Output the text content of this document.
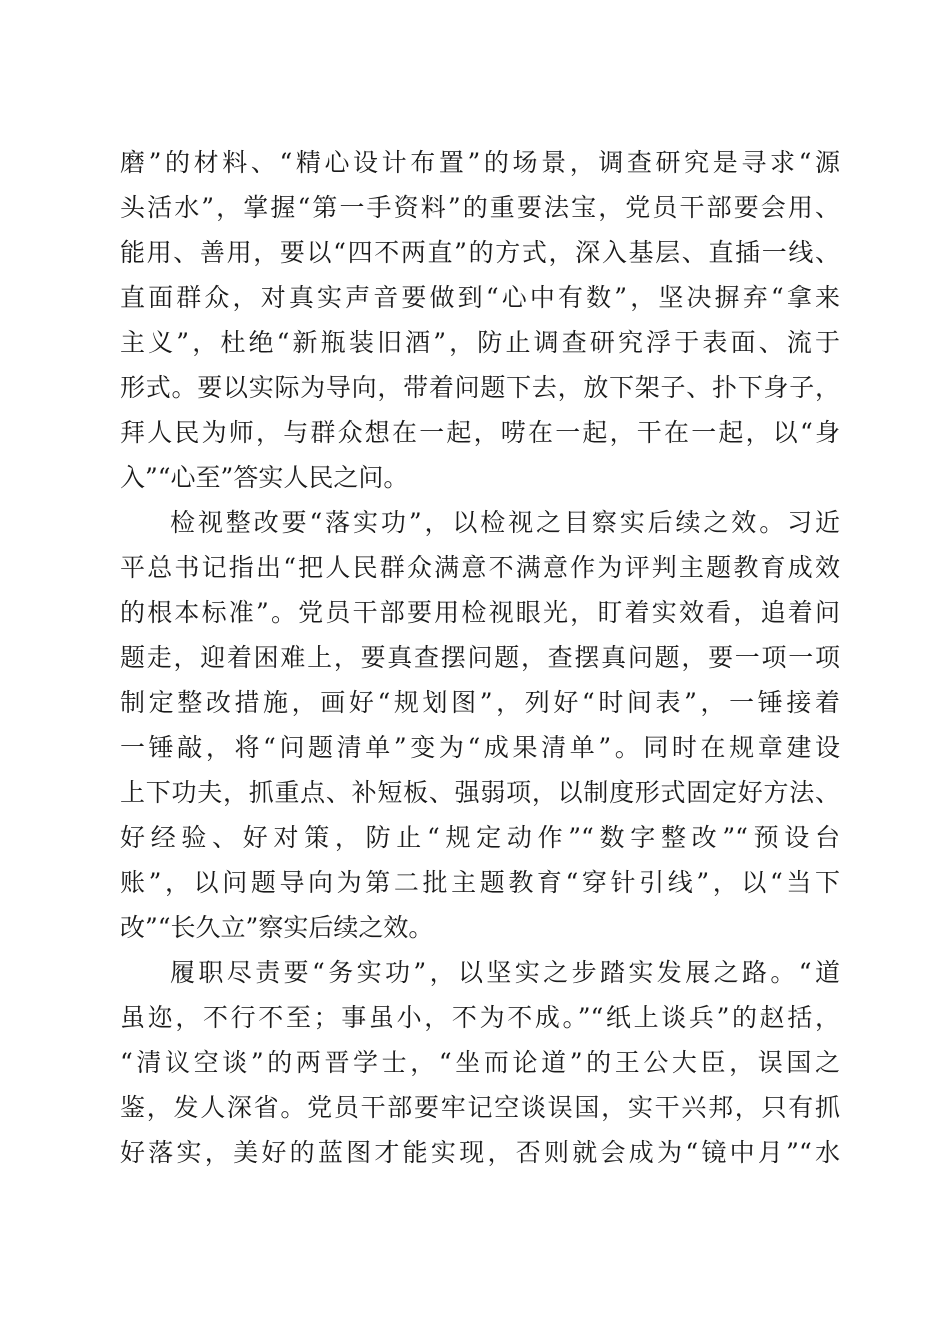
磨”的材料、“精心设计布置”的场景，调查研究是寻求“源
头活水”，掌握“第一手资料”的重要法宝，党员干部要会用、
能用、善用，要以“四不两直”的方式，深入基层、直插一线、
直面群众，对真实声音要做到“心中有数”，坚决摒弃“拿来
主义”，杜绝“新瓶装旧酒”，防止调查研究浮于表面、流于
形式。要以实际为导向，带着问题下去，放下架子、扑下身子，
拜人民为师，与群众想在一起，唠在一起，干在一起，以“身
入”“心至”答实人民之问。
检视整改要“落实功”，以检视之目察实后续之效。习近
平总书记指出“把人民群众满意不满意作为评判主题教育成效
的根本标准”。党员干部要用检视眼光，盯着实效看，追着问
题走，迎着困难上，要真查摆问题，查摆真问题，要一项一项
制定整改措施，画好“规划图”，列好“时间表”，一锤接着
一锤敲，将“问题清单”变为“成果清单”。同时在规章建设
上下功夫，抓重点、补短板、强弱项，以制度形式固定好方法、
好经验、好对策，防止“规定动作”“数字整改”“预设台
账”，以问题导向为第二批主题教育“穿针引线”，以“当下
改”“长久立”察实后续之效。
履职尽责要“务实功”，以坚实之步踏实发展之路。“道
虽迩，不行不至；事虽小，不为不成。”“纸上谈兵”的赵括，
“清议空谈”的两晋学士，“坐而论道”的王公大臣，误国之
鉴，发人深省。党员干部要牢记空谈误国，实干兴邦，只有抓
好落实，美好的蓝图才能实现，否则就会成为“镜中月”“水
